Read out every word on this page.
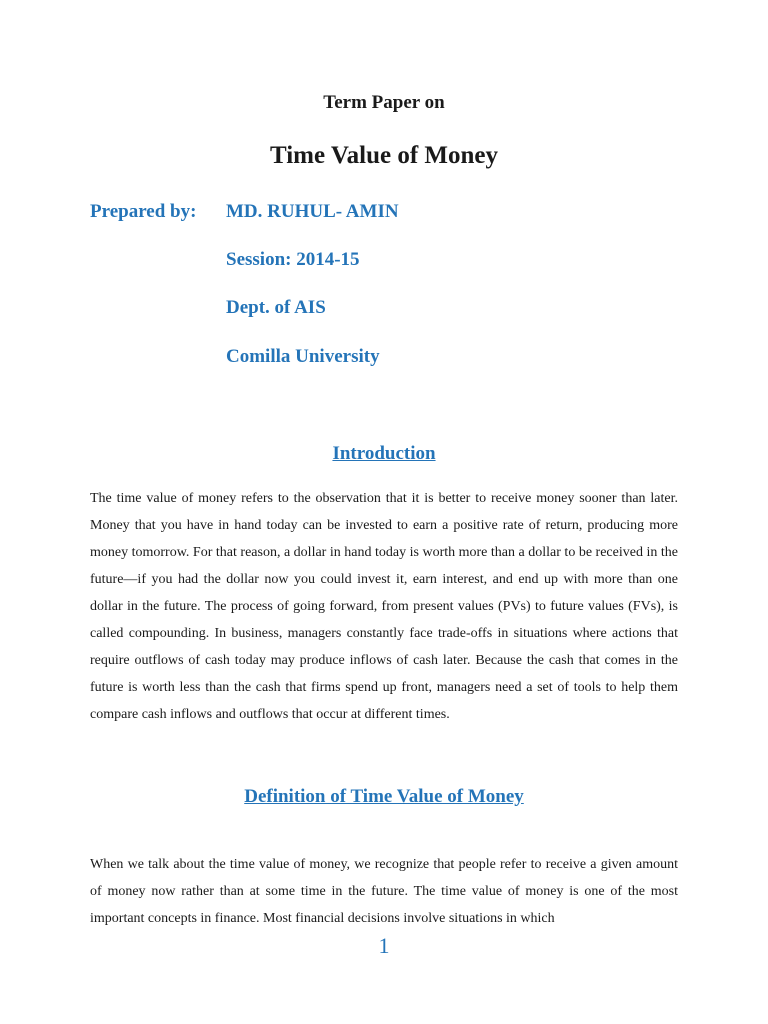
Term Paper on
Time Value of Money
Prepared by: MD. RUHUL- AMIN
Session: 2014-15
Dept. of AIS
Comilla University
Introduction
The time value of money refers to the observation that it is better to receive money sooner than later. Money that you have in hand today can be invested to earn a positive rate of return, producing more money tomorrow. For that reason, a dollar in hand today is worth more than a dollar to be received in the future—if you had the dollar now you could invest it, earn interest, and end up with more than one dollar in the future. The process of going forward, from present values (PVs) to future values (FVs), is called compounding. In business, managers constantly face trade-offs in situations where actions that require outflows of cash today may produce inflows of cash later. Because the cash that comes in the future is worth less than the cash that firms spend up front, managers need a set of tools to help them compare cash inflows and outflows that occur at different times.
Definition of Time Value of Money
When we talk about the time value of money, we recognize that people refer to receive a given amount of money now rather than at some time in the future. The time value of money is one of the most important concepts in finance. Most financial decisions involve situations in which
1
